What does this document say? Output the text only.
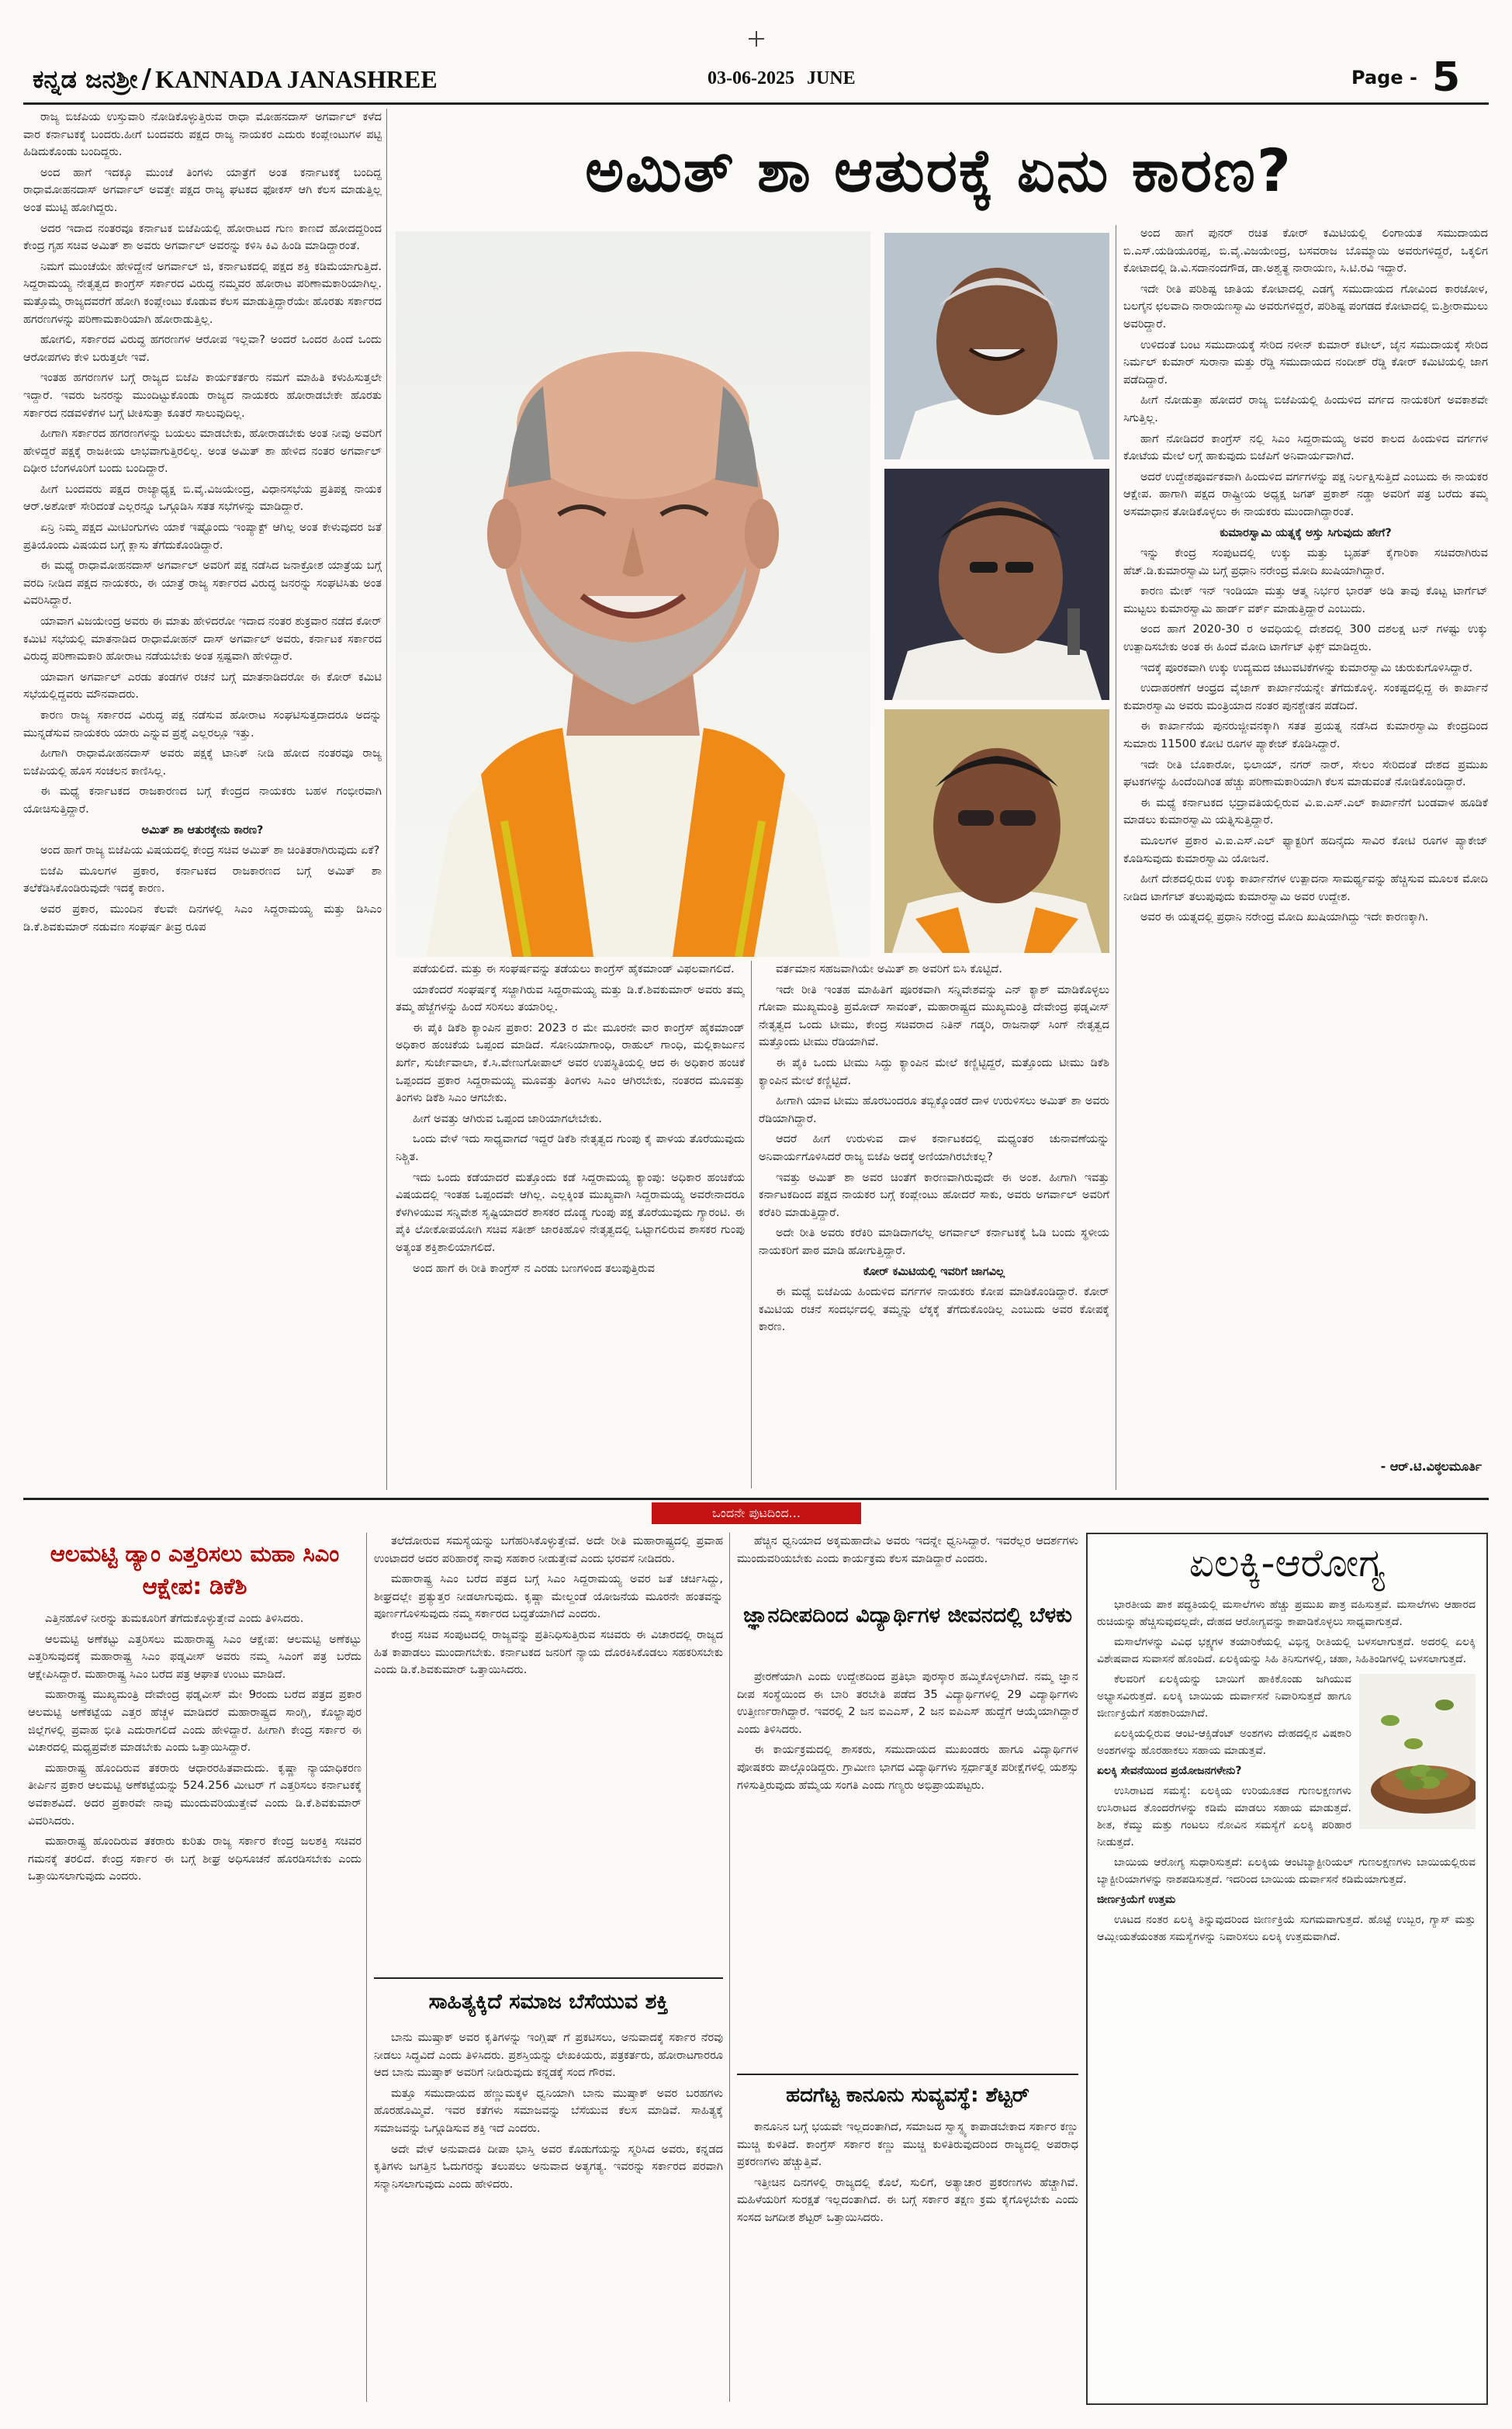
ಕನ್ನಡ ಜನಶ್ರೀ / KANNADA JANASHREE	03-06-2025 JUNE	Page - 5
ಅಮಿತ್ ಶಾ ಆತುರಕ್ಕೆ ಏನು ಕಾರಣ?

ರಾಜ್ಯ ಬಿಜೆಪಿಯ ಉಸ್ತುವಾರಿ ನೋಡಿಕೊಳ್ಳುತ್ತಿರುವ ರಾಧಾ ಮೋಹನದಾಸ್ ಅಗರ್ವಾಲ್ ಕಳೆದ ವಾರ ಕರ್ನಾಟಕಕ್ಕೆ ಬಂದರು.ಹೀಗೆ ಬಂದವರು ಪಕ್ಷದ ರಾಜ್ಯ ನಾಯಕರ ಎದುರು ಕಂಪ್ಲೇಂಟುಗಳ ಪಟ್ಟಿ ಹಿಡಿದುಕೊಂಡು ಬಂದಿದ್ದರು.

ಅಂದ ಹಾಗೆ ಇದಕ್ಕೂ ಮುಂಚೆ ತಿಂಗಳು ಯಾತ್ರೆಗೆ ಅಂತ ಕರ್ನಾಟಕಕ್ಕೆ ಬಂದಿದ್ದ ರಾಧಾಮೋಹನದಾಸ್ ಅಗರ್ವಾಲ್ ಅವತ್ತೇ ಪಕ್ಷದ ರಾಜ್ಯ ಘಟಕದ ಫೋಕಸ್ ಆಗಿ ಕೆಲಸ ಮಾಡುತ್ತಿಲ್ಲ ಅಂತ ಮುಟ್ಟಿ ಹೋಗಿದ್ದರು.

ಅದರ ಇದಾದ ನಂತರವೂ ಕರ್ನಾಟಕ ಬಿಜೆಪಿಯಲ್ಲಿ ಹೋರಾಟದ ಗುಣ ಕಾಣದೆ ಹೋದದ್ದರಿಂದ ಕೇಂದ್ರ ಗೃಹ ಸಚಿವ ಅಮಿತ್ ಶಾ ಅವರು ಅಗರ್ವಾಲ್ ಅವರನ್ನು ಕಳಿಸಿ ಕಿವಿ ಹಿಂಡಿ ಮಾಡಿದ್ದಾರಂತೆ.

ನಿಮಗೆ ಮುಂಚೆಯೇ ಹೇಳಿದ್ದೇನೆ ಅಗರ್ವಾಲ್ ಜಿ, ಕರ್ನಾಟಕದಲ್ಲಿ ಪಕ್ಷದ ಶಕ್ತಿ ಕಡಿಮೆಯಾಗುತ್ತಿದೆ. ಸಿದ್ದರಾಮಯ್ಯ ನೇತೃತ್ವದ ಕಾಂಗ್ರೆಸ್ ಸರ್ಕಾರದ ವಿರುದ್ಧ ನಮ್ಮವರ ಹೋರಾಟ ಪರಿಣಾಮಕಾರಿಯಾಗಿಲ್ಲ. ಮತ್ತೊಮ್ಮೆ ರಾಜ್ಯದವರೆಗೆ ಹೋಗಿ ಕಂಪ್ಲೇಂಟು ಕೊಡುವ ಕೆಲಸ ಮಾಡುತ್ತಿದ್ದಾರೆಯೇ ಹೊರತು ಸರ್ಕಾರದ ಹಗರಣಗಳನ್ನು ಪರಿಣಾಮಕಾರಿಯಾಗಿ ಹೋರಾಡುತ್ತಿಲ್ಲ.

ಹೋಗಲಿ, ಸರ್ಕಾರದ ವಿರುದ್ಧ ಹಗರಣಗಳ ಆರೋಪ ಇಲ್ಲವಾ? ಅಂದರೆ ಒಂದರ ಹಿಂದೆ ಒಂದು ಆರೋಪಗಳು ಕೇಳಿ ಬರುತ್ತಲೇ ಇವೆ.

ಇಂತಹ ಹಗರಣಗಳ ಬಗ್ಗೆ ರಾಜ್ಯದ ಬಿಜೆಪಿ ಕಾರ್ಯಕರ್ತರು ನಮಗೆ ಮಾಹಿತಿ ಕಳುಹಿಸುತ್ತಲೇ ಇದ್ದಾರೆ. ಇವರು ಜನರನ್ನು ಮುಂದಿಟ್ಟುಕೊಂಡು ರಾಜ್ಯದ ನಾಯಕರು ಹೋರಾಡಬೇಕೇ ಹೊರತು ಸರ್ಕಾರದ ನಡವಳಿಕೆಗಳ ಬಗ್ಗೆ ಟೀಕಿಸುತ್ತಾ ಕೂತರೆ ಸಾಲುವುದಿಲ್ಲ.

ಹೀಗಾಗಿ ಸರ್ಕಾರದ ಹಗರಣಗಳನ್ನು ಬಯಲು ಮಾಡಬೇಕು, ಹೋರಾಡಬೇಕು ಅಂತ ನೀವು ಅವರಿಗೆ ಹೇಳಿದ್ದರೆ ಪಕ್ಷಕ್ಕೆ ರಾಜಕೀಯ ಲಾಭವಾಗುತ್ತಿರಲಿಲ್ಲ. ಅಂತ ಅಮಿತ್ ಶಾ ಹೇಳಿದ ನಂತರ ಅಗರ್ವಾಲ್ ದಿಢೀರ ಬೆಂಗಳೂರಿಗೆ ಬಂದು ಬಂದಿದ್ದಾರೆ.

ಹೀಗೆ ಬಂದವರು ಪಕ್ಷದ ರಾಜ್ಯಾಧ್ಯಕ್ಷ ಬಿ.ವೈ.ವಿಜಯೇಂದ್ರ, ವಿಧಾನಸಭೆಯ ಪ್ರತಿಪಕ್ಷ ನಾಯಕ ಆರ್.ಅಶೋಕ್ ಸೇರಿದಂತೆ ಎಲ್ಲರನ್ನೂ ಒಗ್ಗೂಡಿಸಿ ಸತತ ಸಭೆಗಳನ್ನು ಮಾಡಿದ್ದಾರೆ.

ಏನ್ರಿ ನಿಮ್ಮ ಪಕ್ಷದ ಮೀಟಿಂಗುಗಳು ಯಾಕೆ ಇಷ್ಟೊಂದು ಇಂಪ್ಯಾಕ್ಟ್ ಆಗಿಲ್ಲ ಅಂತ ಕೇಳುವುದರ ಜತೆ ಪ್ರತಿಯೊಂದು ವಿಷಯದ ಬಗ್ಗೆ ಕ್ಲಾಸು ತೆಗೆದುಕೊಂಡಿದ್ದಾರೆ.

ಈ ಮಧ್ಯೆ ರಾಧಾಮೋಹನದಾಸ್ ಅಗರ್ವಾಲ್ ಅವರಿಗೆ ಪಕ್ಷ ನಡೆಸಿದ ಜನಾಕ್ರೋಶ ಯಾತ್ರೆಯ ಬಗ್ಗೆ ವರದಿ ನೀಡಿದ ಪಕ್ಷದ ನಾಯಕರು, ಈ ಯಾತ್ರೆ ರಾಜ್ಯ ಸರ್ಕಾರದ ವಿರುದ್ಧ ಜನರನ್ನು ಸಂಘಟಿಸಿತು ಅಂತ ವಿವರಿಸಿದ್ದಾರೆ.

ಯಾವಾಗ ವಿಜಯೇಂದ್ರ ಅವರು ಈ ಮಾತು ಹೇಳಿದರೋ ಇದಾದ ನಂತರ ಶುಕ್ರವಾರ ನಡೆದ ಕೋರ್ ಕಮಿಟಿ ಸಭೆಯಲ್ಲಿ ಮಾತನಾಡಿದ ರಾಧಾಮೋಹನ್ ದಾಸ್ ಅಗರ್ವಾಲ್ ಅವರು, ಕರ್ನಾಟಕ ಸರ್ಕಾರದ ವಿರುದ್ಧ ಪರಿಣಾಮಕಾರಿ ಹೋರಾಟ ನಡೆಯಬೇಕು ಅಂತ ಸ್ಪಷ್ಟವಾಗಿ ಹೇಳಿದ್ದಾರೆ.

ಯಾವಾಗ ಅಗರ್ವಾಲ್ ಎರಡು ತಂಡಗಳ ರಚನೆ ಬಗ್ಗೆ ಮಾತನಾಡಿದರೋ ಈ ಕೋರ್ ಕಮಿಟಿ ಸಭೆಯಲ್ಲಿದ್ದವರು ಮೌನವಾದರು.

ಕಾರಣ ರಾಜ್ಯ ಸರ್ಕಾರದ ವಿರುದ್ಧ ಪಕ್ಷ ನಡೆಸುವ ಹೋರಾಟ ಸಂಘಟಿಸುತ್ತದಾದರೂ ಅದನ್ನು ಮುನ್ನಡೆಸುವ ನಾಯಕರು ಯಾರು ಎನ್ನುವ ಪ್ರಶ್ನೆ ಎಲ್ಲರಲ್ಲೂ ಇತ್ತು.

ಹೀಗಾಗಿ ರಾಧಾಮೋಹನದಾಸ್ ಅವರು ಪಕ್ಷಕ್ಕೆ ಟಾನಿಕ್ ನೀಡಿ ಹೋದ ನಂತರವೂ ರಾಜ್ಯ ಬಿಜೆಪಿಯಲ್ಲಿ ಹೊಸ ಸಂಚಲನ ಕಾಣಿಸಿಲ್ಲ.

ಈ ಮಧ್ಯೆ ಕರ್ನಾಟಕದ ರಾಜಕಾರಣದ ಬಗ್ಗೆ ಕೇಂದ್ರದ ನಾಯಕರು ಬಹಳ ಗಂಭೀರವಾಗಿ ಯೋಚಿಸುತ್ತಿದ್ದಾರೆ.

ಅಮಿತ್ ಶಾ ಆತುರಕ್ಕೇನು ಕಾರಣ?

ಅಂದ ಹಾಗೆ ರಾಜ್ಯ ಬಿಜೆಪಿಯ ವಿಷಯದಲ್ಲಿ ಕೇಂದ್ರ ಸಚಿವ ಅಮಿತ್ ಶಾ ಚಿಂತಿತರಾಗಿರುವುದು ಏಕೆ?

ಬಿಜೆಪಿ ಮೂಲಗಳ ಪ್ರಕಾರ, ಕರ್ನಾಟಕದ ರಾಜಕಾರಣದ ಬಗ್ಗೆ ಅಮಿತ್ ಶಾ ತಲೆಕೆಡಿಸಿಕೊಂಡಿರುವುದೇ ಇದಕ್ಕೆ ಕಾರಣ.

ಅವರ ಪ್ರಕಾರ, ಮುಂದಿನ ಕೆಲವೇ ದಿನಗಳಲ್ಲಿ ಸಿಎಂ ಸಿದ್ದರಾಮಯ್ಯ ಮತ್ತು ಡಿಸಿಎಂ ಡಿ.ಕೆ.ಶಿವಕುಮಾರ್ ನಡುವಣ ಸಂಘರ್ಷ ತೀವ್ರ ರೂಪ

ಪಡೆಯಲಿದೆ. ಮತ್ತು ಈ ಸಂಘರ್ಷವನ್ನು ತಡೆಯಲು ಕಾಂಗ್ರೆಸ್ ಹೈಕಮಾಂಡ್ ವಿಫಲವಾಗಲಿದೆ.

ಯಾಕೆಂದರೆ ಸಂಘರ್ಷಕ್ಕೆ ಸಜ್ಜಾಗಿರುವ ಸಿದ್ದರಾಮಯ್ಯ ಮತ್ತು ಡಿ.ಕೆ.ಶಿವಕುಮಾರ್ ಅವರು ತಮ್ಮ ತಮ್ಮ ಹೆಜ್ಜೆಗಳನ್ನು ಹಿಂದೆ ಸರಿಸಲು ತಯಾರಿಲ್ಲ.

ಈ ಪೈಕಿ ಡಿಕೆಶಿ ಕ್ಯಾಂಪಿನ ಪ್ರಕಾರ: 2023 ರ ಮೇ ಮೂರನೇ ವಾರ ಕಾಂಗ್ರೆಸ್ ಹೈಕಮಾಂಡ್ ಅಧಿಕಾರ ಹಂಚಿಕೆಯ ಒಪ್ಪಂದ ಮಾಡಿದೆ. ಸೋನಿಯಾಗಾಂಧಿ, ರಾಹುಲ್ ಗಾಂಧಿ, ಮಲ್ಲಿಕಾರ್ಜುನ ಖರ್ಗೆ, ಸುರ್ಜೇವಾಲಾ, ಕೆ.ಸಿ.ವೇಣುಗೋಪಾಲ್ ಅವರ ಉಪಸ್ಥಿತಿಯಲ್ಲಿ ಆದ ಈ ಅಧಿಕಾರ ಹಂಚಿಕೆ ಒಪ್ಪಂದದ ಪ್ರಕಾರ ಸಿದ್ದರಾಮಯ್ಯ ಮೂವತ್ತು ತಿಂಗಳು ಸಿಎಂ ಆಗಿರಬೇಕು, ನಂತರದ ಮೂವತ್ತು ತಿಂಗಳು ಡಿಕೆಶಿ ಸಿಎಂ ಆಗಬೇಕು.

ಹೀಗೆ ಅವತ್ತು ಆಗಿರುವ ಒಪ್ಪಂದ ಜಾರಿಯಾಗಲೇಬೇಕು.

ಒಂದು ವೇಳೆ ಇದು ಸಾಧ್ಯವಾಗದೆ ಇದ್ದರೆ ಡಿಕೆಶಿ ನೇತೃತ್ವದ ಗುಂಪು ಕೈ ಪಾಳಯ ತೊರೆಯುವುದು ನಿಶ್ಚಿತ.

ಇದು ಒಂದು ಕಡೆಯಾದರೆ ಮತ್ತೊಂದು ಕಡೆ ಸಿದ್ದರಾಮಯ್ಯ ಕ್ಯಾಂಪು: ಅಧಿಕಾರ ಹಂಚಿಕೆಯ ವಿಷಯದಲ್ಲಿ ಇಂತಹ ಒಪ್ಪಂದವೇ ಆಗಿಲ್ಲ. ಎಲ್ಲಕ್ಕಿಂತ ಮುಖ್ಯವಾಗಿ ಸಿದ್ದರಾಮಯ್ಯ ಅವರೇನಾದರೂ ಕೆಳಗಿಳಿಯುವ ಸನ್ನಿವೇಶ ಸೃಷ್ಟಿಯಾದರೆ ಶಾಸಕರ ದೊಡ್ಡ ಗುಂಪು ಪಕ್ಷ ತೊರೆಯುವುದು ಗ್ಯಾರಂಟಿ. ಈ ಪೈಕಿ ಲೋಕೋಪಯೋಗಿ ಸಚಿವ ಸತೀಶ್ ಜಾರಕಿಹೊಳಿ ನೇತೃತ್ವದಲ್ಲಿ ಒಟ್ಟಾಗಲಿರುವ ಶಾಸಕರ ಗುಂಪು ಅತ್ಯಂತ ಶಕ್ತಿಶಾಲಿಯಾಗಲಿದೆ.

ಅಂದ ಹಾಗೆ ಈ ರೀತಿ ಕಾಂಗ್ರೆಸ್ ನ ಎರಡು ಬಣಗಳಿಂದ ತಲುಪುತ್ತಿರುವ

ವರ್ತಮಾನ ಸಹಜವಾಗಿಯೇ ಅಮಿತ್ ಶಾ ಅವರಿಗೆ ಬಿಸಿ ಕೊಟ್ಟಿದೆ.

ಇದೇ ರೀತಿ ಇಂತಹ ಮಾಹಿತಿಗೆ ಪೂರಕವಾಗಿ ಸನ್ನಿವೇಶವನ್ನು ಎನ್ ಕ್ಯಾಶ್ ಮಾಡಿಕೊಳ್ಳಲು ಗೋವಾ ಮುಖ್ಯಮಂತ್ರಿ ಪ್ರಮೋದ್ ಸಾವಂತ್, ಮಹಾರಾಷ್ಟ್ರದ ಮುಖ್ಯಮಂತ್ರಿ ದೇವೇಂದ್ರ ಫಡ್ನವೀಸ್ ನೇತೃತ್ವದ ಒಂದು ಟೀಮು, ಕೇಂದ್ರ ಸಚಿವರಾದ ನಿತಿನ್ ಗಡ್ಕರಿ, ರಾಜನಾಥ್ ಸಿಂಗ್ ನೇತೃತ್ವದ ಮತ್ತೊಂದು ಟೀಮು ರೆಡಿಯಾಗಿವೆ.

ಈ ಪೈಕಿ ಒಂದು ಟೀಮು ಸಿದ್ದು ಕ್ಯಾಂಪಿನ ಮೇಲೆ ಕಣ್ಣಿಟ್ಟಿದ್ದರೆ, ಮತ್ತೊಂದು ಟೀಮು ಡಿಕೆಶಿ ಕ್ಯಾಂಪಿನ ಮೇಲೆ ಕಣ್ಣಿಟ್ಟಿದೆ.

ಹೀಗಾಗಿ ಯಾವ ಟೀಮು ಹೊರಬಂದರೂ ತಬ್ಬಿಕ್ಕೊಂಡರೆ ದಾಳ ಉರುಳಿಸಲು ಅಮಿತ್ ಶಾ ಅವರು ರೆಡಿಯಾಗಿದ್ದಾರೆ.

ಆದರೆ ಹೀಗೆ ಉರುಳುವ ದಾಳ ಕರ್ನಾಟಕದಲ್ಲಿ ಮಧ್ಯಂತರ ಚುನಾವಣೆಯನ್ನು ಅನಿವಾರ್ಯಗೊಳಿಸಿದರೆ ರಾಜ್ಯ ಬಿಜೆಪಿ ಅದಕ್ಕೆ ಅಣಿಯಾಗಿರಬೇಕಲ್ಲ?

ಇವತ್ತು ಅಮಿತ್ ಶಾ ಅವರ ಚಿಂತೆಗೆ ಕಾರಣವಾಗಿರುವುದೇ ಈ ಅಂಶ. ಹೀಗಾಗಿ ಇವತ್ತು ಕರ್ನಾಟಕದಿಂದ ಪಕ್ಷದ ನಾಯಕರ ಬಗ್ಗೆ ಕಂಪ್ಲೇಂಟು ಹೋದರೆ ಸಾಕು, ಅವರು ಅಗರ್ವಾಲ್ ಅವರಿಗೆ ಕರೆಕಿರಿ ಮಾಡುತ್ತಿದ್ದಾರೆ.

ಅದೇ ರೀತಿ ಅವರು ಕರೆಕಿರಿ ಮಾಡಿದಾಗಲೆಲ್ಲ ಅಗರ್ವಾಲ್ ಕರ್ನಾಟಕಕ್ಕೆ ಓಡಿ ಬಂದು ಸ್ಥಳೀಯ ನಾಯಕರಿಗೆ ಪಾಠ ಮಾಡಿ ಹೋಗುತ್ತಿದ್ದಾರೆ.

ಕೋರ್ ಕಮಿಟಿಯಲ್ಲಿ ಇವರಿಗೆ ಜಾಗವಿಲ್ಲ

ಈ ಮಧ್ಯೆ ಬಿಜೆಪಿಯ ಹಿಂದುಳಿದ ವರ್ಗಗಳ ನಾಯಕರು ಕೋಪ ಮಾಡಿಕೊಂಡಿದ್ದಾರೆ. ಕೋರ್ ಕಮಿಟಿಯ ರಚನೆ ಸಂದರ್ಭದಲ್ಲಿ ತಮ್ಮನ್ನು ಲೆಕ್ಕಕ್ಕೆ ತೆಗೆದುಕೊಂಡಿಲ್ಲ ಎಂಬುದು ಅವರ ಕೋಪಕ್ಕೆ ಕಾರಣ.

ಅಂದ ಹಾಗೆ ಪುನರ್ ರಚಿತ ಕೋರ್ ಕಮಿಟಿಯಲ್ಲಿ ಲಿಂಗಾಯತ ಸಮುದಾಯದ ಬಿ.ಎಸ್.ಯಡಿಯೂರಪ್ಪ, ಬಿ.ವೈ.ವಿಜಯೇಂದ್ರ, ಬಸವರಾಜ ಬೊಮ್ಮಾಯಿ ಅವರುಗಳಿದ್ದರೆ, ಒಕ್ಕಲಿಗ ಕೋಟಾದಲ್ಲಿ ಡಿ.ವಿ.ಸದಾನಂದಗೌಡ, ಡಾ.ಅಶ್ವತ್ಥ ನಾರಾಯಣ, ಸಿ.ಟಿ.ರವಿ ಇದ್ದಾರೆ.

ಇದೇ ರೀತಿ ಪರಿಶಿಷ್ಟ ಜಾತಿಯ ಕೋಟಾದಲ್ಲಿ ಎಡಗೈ ಸಮುದಾಯದ ಗೋವಿಂದ ಕಾರಜೋಳ, ಬಲಗೈನ ಛಲವಾದಿ ನಾರಾಯಣಸ್ವಾಮಿ ಅವರುಗಳಿದ್ದರೆ, ಪರಿಶಿಷ್ಟ ಪಂಗಡದ ಕೋಟಾದಲ್ಲಿ ಬಿ.ಶ್ರೀರಾಮುಲು ಅವರಿದ್ದಾರೆ.

ಉಳಿದಂತೆ ಬಂಟ ಸಮುದಾಯಕ್ಕೆ ಸೇರಿದ ನಳೀನ್ ಕುಮಾರ್ ಕಟೀಲ್, ಜೈನ ಸಮುದಾಯಕ್ಕೆ ಸೇರಿದ ನಿರ್ಮಲ್ ಕುಮಾರ್ ಸುರಾನಾ ಮತ್ತು ರೆಡ್ಡಿ ಸಮುದಾಯದ ನಂದೀಶ್ ರೆಡ್ಡಿ ಕೋರ್ ಕಮಿಟಿಯಲ್ಲಿ ಜಾಗ ಪಡೆದಿದ್ದಾರೆ.

ಹೀಗೆ ನೋಡುತ್ತಾ ಹೋದರೆ ರಾಜ್ಯ ಬಿಜೆಪಿಯಲ್ಲಿ ಹಿಂದುಳಿದ ವರ್ಗದ ನಾಯಕರಿಗೆ ಅವಕಾಶವೇ ಸಿಗುತ್ತಿಲ್ಲ.

ಹಾಗೆ ನೋಡಿದರೆ ಕಾಂಗ್ರೆಸ್ ನಲ್ಲಿ ಸಿಎಂ ಸಿದ್ದರಾಮಯ್ಯ ಅವರ ಕಾಲದ ಹಿಂದುಳಿದ ವರ್ಗಗಳ ಕೋಟೆಯ ಮೇಲೆ ಲಗ್ಗೆ ಹಾಕುವುದು ಬಿಜೆಪಿಗೆ ಅನಿವಾರ್ಯವಾಗಿದೆ.

ಅದರೆ ಉದ್ದೇಶಪೂರ್ವಕವಾಗಿ ಹಿಂದುಳಿದ ವರ್ಗಗಳನ್ನು ಪಕ್ಷ ನಿರ್ಲಕ್ಷಿಸುತ್ತಿದೆ ಎಂಬುದು ಈ ನಾಯಕರ ಆಕ್ಷೇಪ. ಹಾಗಾಗಿ ಪಕ್ಷದ ರಾಷ್ಟ್ರೀಯ ಅಧ್ಯಕ್ಷ ಜಗತ್ ಪ್ರಕಾಶ್ ನಡ್ಡಾ ಅವರಿಗೆ ಪತ್ರ ಬರೆದು ತಮ್ಮ ಅಸಮಾಧಾನ ತೋಡಿಕೊಳ್ಳಲು ಈ ನಾಯಕರು ಮುಂದಾಗಿದ್ದಾರಂತೆ.

ಕುಮಾರಸ್ವಾಮಿ ಯತ್ನಕ್ಕೆ ಅಸ್ತು ಸಿಗುವುದು ಹೇಗೆ?

ಇನ್ನು ಕೇಂದ್ರ ಸಂಪುಟದಲ್ಲಿ ಉಕ್ಕು ಮತ್ತು ಬೃಹತ್ ಕೈಗಾರಿಕಾ ಸಚಿವರಾಗಿರುವ ಹೆಚ್.ಡಿ.ಕುಮಾರಸ್ವಾಮಿ ಬಗ್ಗೆ ಪ್ರಧಾನಿ ನರೇಂದ್ರ ಮೋದಿ ಖುಷಿಯಾಗಿದ್ದಾರೆ.

ಕಾರಣ ಮೇಕ್ ಇನ್ ಇಂಡಿಯಾ ಮತ್ತು ಆತ್ಮ ನಿರ್ಭರ ಭಾರತ್ ಅಡಿ ತಾವು ಕೊಟ್ಟ ಟಾರ್ಗೆಟ್ ಮುಟ್ಟಲು ಕುಮಾರಸ್ವಾಮಿ ಹಾರ್ಡ್ ವರ್ಕ್ ಮಾಡುತ್ತಿದ್ದಾರೆ ಎಂಬುದು.

ಅಂದ ಹಾಗೆ 2020-30 ರ ಅವಧಿಯಲ್ಲಿ ದೇಶದಲ್ಲಿ 300 ದಶಲಕ್ಷ ಟನ್ ಗಳಷ್ಟು ಉಕ್ಕು ಉತ್ಪಾದಿಸಬೇಕು ಅಂತ ಈ ಹಿಂದೆ ಮೋದಿ ಟಾರ್ಗೆಟ್ ಫಿಕ್ಸ್ ಮಾಡಿದ್ದರು.

ಇದಕ್ಕೆ ಪೂರಕವಾಗಿ ಉಕ್ಕು ಉದ್ಯಮದ ಚಟುವಟಿಕೆಗಳನ್ನು ಕುಮಾರಸ್ವಾಮಿ ಚುರುಕುಗೊಳಿಸಿದ್ದಾರೆ.

ಉದಾಹರಣೆಗೆ ಆಂಧ್ರದ ವೈಜಾಗ್ ಕಾರ್ಖಾನೆಯನ್ನೇ ತೆಗೆದುಕೊಳ್ಳಿ. ಸಂಕಷ್ಟದಲ್ಲಿದ್ದ ಈ ಕಾರ್ಖಾನೆ ಕುಮಾರಸ್ವಾಮಿ ಅವರು ಮಂತ್ರಿಯಾದ ನಂತರ ಪುನಶ್ಚೇತನ ಪಡೆದಿದೆ.

ಈ ಕಾರ್ಖಾನೆಯ ಪುನರುಜ್ಜೀವನಕ್ಕಾಗಿ ಸತತ ಪ್ರಯತ್ನ ನಡೆಸಿದ ಕುಮಾರಸ್ವಾಮಿ ಕೇಂದ್ರದಿಂದ ಸುಮಾರು 11500 ಕೋಟಿ ರೂಗಳ ಪ್ಯಾಕೇಜ್ ಕೊಡಿಸಿದ್ದಾರೆ.

ಇದೇ ರೀತಿ ಬೊಕಾರೋ, ಭಿಲಾಯ್, ನಗರ್ ನಾರ್, ಸೇಲಂ ಸೇರಿದಂತೆ ದೇಶದ ಪ್ರಮುಖ ಘಟಕಗಳನ್ನು ಹಿಂದೆಂದಿಗಿಂತ ಹೆಚ್ಚು ಪರಿಣಾಮಕಾರಿಯಾಗಿ ಕೆಲಸ ಮಾಡುವಂತೆ ನೋಡಿಕೊಂಡಿದ್ದಾರೆ.

ಈ ಮಧ್ಯೆ ಕರ್ನಾಟಕದ ಭದ್ರಾವತಿಯಲ್ಲಿರುವ ವಿ.ಐ.ಎಸ್.ಎಲ್ ಕಾರ್ಖಾನೆಗೆ ಬಂಡವಾಳ ಹೂಡಿಕೆ ಮಾಡಲು ಕುಮಾರಸ್ವಾಮಿ ಯತ್ನಿಸುತ್ತಿದ್ದಾರೆ.

ಮೂಲಗಳ ಪ್ರಕಾರ ವಿ.ಐ.ಎಸ್.ಎಲ್ ಫ್ಯಾಕ್ಟರಿಗೆ ಹದಿನೈದು ಸಾವಿರ ಕೋಟಿ ರೂಗಳ ಪ್ಯಾಕೇಜ್ ಕೊಡಿಸುವುದು ಕುಮಾರಸ್ವಾಮಿ ಯೋಜನೆ.

ಹೀಗೆ ದೇಶದಲ್ಲಿರುವ ಉಕ್ಕು ಕಾರ್ಖಾನೆಗಳ ಉತ್ಪಾದನಾ ಸಾಮರ್ಥ್ಯವನ್ನು ಹೆಚ್ಚಿಸುವ ಮೂಲಕ ಮೋದಿ ನೀಡಿದ ಟಾರ್ಗೆಟ್ ತಲುಪುವುದು ಕುಮಾರಸ್ವಾಮಿ ಅವರ ಉದ್ದೇಶ.

ಅವರ ಈ ಯತ್ನದಲ್ಲಿ ಪ್ರಧಾನಿ ನರೇಂದ್ರ ಮೋದಿ ಖುಷಿಯಾಗಿದ್ದು ಇದೇ ಕಾರಣಕ್ಕಾಗಿ.

- ಆರ್.ಟಿ.ವಿಠ್ಠಲಮೂರ್ತಿ
ಒಂದನೇ ಪುಟದಿಂದ...
ಆಲಮಟ್ಟಿ ಡ್ಯಾಂ ಎತ್ತರಿಸಲು ಮಹಾ ಸಿಎಂ ಆಕ್ಷೇಪ: ಡಿಕೆಶಿ

ಎತ್ತಿನಹೊಳೆ ನೀರನ್ನು ತುಮಕೂರಿಗೆ ತೆಗೆದುಕೊಳ್ಳುತ್ತೇವೆ ಎಂದು ತಿಳಿಸಿದರು.

ಆಲಮಟ್ಟಿ ಅಣೆಕಟ್ಟು ಎತ್ತರಿಸಲು ಮಹಾರಾಷ್ಟ್ರ ಸಿಎಂ ಆಕ್ಷೇಪ: ಆಲಮಟ್ಟಿ ಅಣೆಕಟ್ಟು ಎತ್ತರಿಸುವುದಕ್ಕೆ ಮಹಾರಾಷ್ಟ್ರ ಸಿಎಂ ಫಡ್ನವೀಸ್ ಅವರು ನಮ್ಮ ಸಿಎಂಗೆ ಪತ್ರ ಬರೆದು ಆಕ್ಷೇಪಿಸಿದ್ದಾರೆ. ಮಹಾರಾಷ್ಟ್ರ ಸಿಎಂ ಬರೆದ ಪತ್ರ ಆಘಾತ ಉಂಟು ಮಾಡಿದೆ.

ಮಹಾರಾಷ್ಟ್ರ ಮುಖ್ಯಮಂತ್ರಿ ದೇವೇಂದ್ರ ಫಡ್ನವೀಸ್ ಮೇ 9ರಂದು ಬರೆದ ಪತ್ರದ ಪ್ರಕಾರ ಆಲಮಟ್ಟಿ ಅಣೆಕಟ್ಟೆಯ ಎತ್ತರ ಹೆಚ್ಚಳ ಮಾಡಿದರೆ ಮಹಾರಾಷ್ಟ್ರದ ಸಾಂಗ್ಲಿ, ಕೊಲ್ಹಾಪುರ ಜಿಲ್ಲೆಗಳಲ್ಲಿ ಪ್ರವಾಹ ಭೀತಿ ಎದುರಾಗಲಿದೆ ಎಂದು ಹೇಳಿದ್ದಾರೆ. ಹೀಗಾಗಿ ಕೇಂದ್ರ ಸರ್ಕಾರ ಈ ವಿಚಾರದಲ್ಲಿ ಮಧ್ಯಪ್ರವೇಶ ಮಾಡಬೇಕು ಎಂದು ಒತ್ತಾಯಿಸಿದ್ದಾರೆ.

ಮಹಾರಾಷ್ಟ್ರ ಹೊಂದಿರುವ ತಕರಾರು ಆಧಾರರಹಿತವಾದುದು. ಕೃಷ್ಣಾ ನ್ಯಾಯಾಧಿಕರಣ ತೀರ್ಪಿನ ಪ್ರಕಾರ ಆಲಮಟ್ಟಿ ಅಣೆಕಟ್ಟೆಯನ್ನು 524.256 ಮೀಟರ್ ಗೆ ಎತ್ತರಿಸಲು ಕರ್ನಾಟಕಕ್ಕೆ ಅವಕಾಶವಿದೆ. ಅದರ ಪ್ರಕಾರವೇ ನಾವು ಮುಂದುವರಿಯುತ್ತೇವೆ ಎಂದು ಡಿ.ಕೆ.ಶಿವಕುಮಾರ್ ವಿವರಿಸಿದರು.

ಮಹಾರಾಷ್ಟ್ರ ಹೊಂದಿರುವ ತಕರಾರು ಕುರಿತು ರಾಜ್ಯ ಸರ್ಕಾರ ಕೇಂದ್ರ ಜಲಶಕ್ತಿ ಸಚಿವರ ಗಮನಕ್ಕೆ ತರಲಿದೆ. ಕೇಂದ್ರ ಸರ್ಕಾರ ಈ ಬಗ್ಗೆ ಶೀಘ್ರ ಅಧಿಸೂಚನೆ ಹೊರಡಿಸಬೇಕು ಎಂದು ಒತ್ತಾಯಿಸಲಾಗುವುದು ಎಂದರು.

ತಲೆದೋರುವ ಸಮಸ್ಯೆಯನ್ನು ಬಗೆಹರಿಸಿಕೊಳ್ಳುತ್ತೇವೆ. ಅದೇ ರೀತಿ ಮಹಾರಾಷ್ಟ್ರದಲ್ಲಿ ಪ್ರವಾಹ ಉಂಟಾದರೆ ಅದರ ಪರಿಹಾರಕ್ಕೆ ನಾವು ಸಹಕಾರ ನೀಡುತ್ತೇವೆ ಎಂದು ಭರವಸೆ ನೀಡಿದರು.

ಮಹಾರಾಷ್ಟ್ರ ಸಿಎಂ ಬರೆದ ಪತ್ರದ ಬಗ್ಗೆ ಸಿಎಂ ಸಿದ್ದರಾಮಯ್ಯ ಅವರ ಜತೆ ಚರ್ಚಿಸಿದ್ದು, ಶೀಘ್ರದಲ್ಲೇ ಪ್ರತ್ಯುತ್ತರ ನೀಡಲಾಗುವುದು. ಕೃಷ್ಣಾ ಮೇಲ್ದಂಡೆ ಯೋಜನೆಯ ಮೂರನೇ ಹಂತವನ್ನು ಪೂರ್ಣಗೊಳಿಸುವುದು ನಮ್ಮ ಸರ್ಕಾರದ ಬದ್ಧತೆಯಾಗಿದೆ ಎಂದರು.

ಕೇಂದ್ರ ಸಚಿವ ಸಂಪುಟದಲ್ಲಿ ರಾಜ್ಯವನ್ನು ಪ್ರತಿನಿಧಿಸುತ್ತಿರುವ ಸಚಿವರು ಈ ವಿಚಾರದಲ್ಲಿ ರಾಜ್ಯದ ಹಿತ ಕಾಪಾಡಲು ಮುಂದಾಗಬೇಕು. ಕರ್ನಾಟಕದ ಜನರಿಗೆ ನ್ಯಾಯ ದೊರಕಿಸಿಕೊಡಲು ಸಹಕರಿಸಬೇಕು ಎಂದು ಡಿ.ಕೆ.ಶಿವಕುಮಾರ್ ಒತ್ತಾಯಿಸಿದರು.

ಸಾಹಿತ್ಯಕ್ಕಿದೆ ಸಮಾಜ ಬೆಸೆಯುವ ಶಕ್ತಿ

ಬಾನು ಮುಷ್ತಾಕ್ ಅವರ ಕೃತಿಗಳನ್ನು ಇಂಗ್ಲಿಷ್ ಗೆ ಪ್ರಕಟಿಸಲು, ಅನುವಾದಕ್ಕೆ ಸರ್ಕಾರ ನೆರವು ನೀಡಲು ಸಿದ್ಧವಿದೆ ಎಂದು ತಿಳಿಸಿದರು. ಪ್ರಶಸ್ತಿಯನ್ನು ಲೇಖಕಿಯರು, ಪತ್ರಕರ್ತರು, ಹೋರಾಟಗಾರರೂ ಆದ ಬಾನು ಮುಷ್ತಾಕ್ ಅವರಿಗೆ ನೀಡಿರುವುದು ಕನ್ನಡಕ್ಕೆ ಸಂದ ಗೌರವ.

ಮತ್ತೂ ಸಮುದಾಯದ ಹೆಣ್ಣುಮಕ್ಕಳ ಧ್ವನಿಯಾಗಿ ಬಾನು ಮುಷ್ತಾಕ್ ಅವರ ಬರಹಗಳು ಹೊರಹೊಮ್ಮಿವೆ. ಇವರ ಕತೆಗಳು ಸಮಾಜವನ್ನು ಬೆಸೆಯುವ ಕೆಲಸ ಮಾಡಿವೆ. ಸಾಹಿತ್ಯಕ್ಕೆ ಸಮಾಜವನ್ನು ಒಗ್ಗೂಡಿಸುವ ಶಕ್ತಿ ಇದೆ ಎಂದರು.

ಅದೇ ವೇಳೆ ಅನುವಾದಕಿ ದೀಪಾ ಭಾಸ್ತಿ ಅವರ ಕೊಡುಗೆಯನ್ನು ಸ್ಮರಿಸಿದ ಅವರು, ಕನ್ನಡದ ಕೃತಿಗಳು ಜಗತ್ತಿನ ಓದುಗರನ್ನು ತಲುಪಲು ಅನುವಾದ ಅತ್ಯಗತ್ಯ. ಇವರನ್ನು ಸರ್ಕಾರದ ಪರವಾಗಿ ಸನ್ಮಾನಿಸಲಾಗುವುದು ಎಂದು ಹೇಳಿದರು.

ಹೆಚ್ಚಿನ ಧ್ವನಿಯಾದ ಅಕ್ಕಮಹಾದೇವಿ ಅವರು ಇದನ್ನೇ ಧ್ವನಿಸಿದ್ದಾರೆ. ಇವರೆಲ್ಲರ ಆದರ್ಶಗಳು ಮುಂದುವರಿಯಬೇಕು ಎಂದು ಕಾರ್ಯಕ್ರಮ ಕೆಲಸ ಮಾಡಿದ್ದಾರೆ ಎಂದರು.

ಜ್ಞಾನದೀಪದಿಂದ ವಿದ್ಯಾರ್ಥಿಗಳ ಜೀವನದಲ್ಲಿ ಬೆಳಕು

ಪ್ರೇರಣೆಯಾಗಿ ಎಂದು ಉದ್ದೇಶದಿಂದ ಪ್ರತಿಭಾ ಪುರಸ್ಕಾರ ಹಮ್ಮಿಕೊಳ್ಳಲಾಗಿದೆ. ನಮ್ಮ ಜ್ಞಾನ ದೀಪ ಸಂಸ್ಥೆಯಿಂದ ಈ ಬಾರಿ ತರಬೇತಿ ಪಡೆದ 35 ವಿದ್ಯಾರ್ಥಿಗಳಲ್ಲಿ 29 ವಿದ್ಯಾರ್ಥಿಗಳು ಉತ್ತೀರ್ಣರಾಗಿದ್ದಾರೆ. ಇವರಲ್ಲಿ 2 ಜನ ಐಎಎಸ್, 2 ಜನ ಐಪಿಎಸ್ ಹುದ್ದೆಗೆ ಆಯ್ಕೆಯಾಗಿದ್ದಾರೆ ಎಂದು ತಿಳಿಸಿದರು.

ಈ ಕಾರ್ಯಕ್ರಮದಲ್ಲಿ ಶಾಸಕರು, ಸಮುದಾಯದ ಮುಖಂಡರು ಹಾಗೂ ವಿದ್ಯಾರ್ಥಿಗಳ ಪೋಷಕರು ಪಾಲ್ಗೊಂಡಿದ್ದರು. ಗ್ರಾಮೀಣ ಭಾಗದ ವಿದ್ಯಾರ್ಥಿಗಳು ಸ್ಪರ್ಧಾತ್ಮಕ ಪರೀಕ್ಷೆಗಳಲ್ಲಿ ಯಶಸ್ಸು ಗಳಿಸುತ್ತಿರುವುದು ಹೆಮ್ಮೆಯ ಸಂಗತಿ ಎಂದು ಗಣ್ಯರು ಅಭಿಪ್ರಾಯಪಟ್ಟರು.

ಹದಗೆಟ್ಟ ಕಾನೂನು ಸುವ್ಯವಸ್ಥೆ: ಶೆಟ್ಟರ್

ಕಾನೂನಿನ ಬಗ್ಗೆ ಭಯವೇ ಇಲ್ಲದಂತಾಗಿದೆ, ಸಮಾಜದ ಸ್ವಾಸ್ಥ್ಯ ಕಾಪಾಡಬೇಕಾದ ಸರ್ಕಾರ ಕಣ್ಣು ಮುಚ್ಚಿ ಕುಳಿತಿದೆ. ಕಾಂಗ್ರೆಸ್ ಸರ್ಕಾರ ಕಣ್ಣು ಮುಚ್ಚಿ ಕುಳಿತಿರುವುದರಿಂದ ರಾಜ್ಯದಲ್ಲಿ ಅಪರಾಧ ಪ್ರಕರಣಗಳು ಹೆಚ್ಚುತ್ತಿವೆ.

ಇತ್ತೀಚಿನ ದಿನಗಳಲ್ಲಿ ರಾಜ್ಯದಲ್ಲಿ ಕೊಲೆ, ಸುಲಿಗೆ, ಅತ್ಯಾಚಾರ ಪ್ರಕರಣಗಳು ಹೆಚ್ಚಾಗಿವೆ. ಮಹಿಳೆಯರಿಗೆ ಸುರಕ್ಷತೆ ಇಲ್ಲದಂತಾಗಿದೆ. ಈ ಬಗ್ಗೆ ಸರ್ಕಾರ ತಕ್ಷಣ ಕ್ರಮ ಕೈಗೊಳ್ಳಬೇಕು ಎಂದು ಸಂಸದ ಜಗದೀಶ ಶೆಟ್ಟರ್ ಒತ್ತಾಯಿಸಿದರು.

ಏಲಕ್ಕಿ-ಆರೋಗ್ಯ

ಭಾರತೀಯ ಪಾಕ ಪದ್ಧತಿಯಲ್ಲಿ ಮಸಾಲೆಗಳು ಹೆಚ್ಚು ಪ್ರಮುಖ ಪಾತ್ರ ವಹಿಸುತ್ತವೆ. ಮಸಾಲೆಗಳು ಆಹಾರದ ರುಚಿಯನ್ನು ಹೆಚ್ಚಿಸುವುದಲ್ಲದೇ, ದೇಹದ ಆರೋಗ್ಯವನ್ನು ಕಾಪಾಡಿಕೊಳ್ಳಲು ಸಾಧ್ಯವಾಗುತ್ತದೆ.

ಮಸಾಲೆಗಳನ್ನು ವಿವಿಧ ಭಕ್ಷ್ಯಗಳ ತಯಾರಿಕೆಯಲ್ಲಿ ವಿಭಿನ್ನ ರೀತಿಯಲ್ಲಿ ಬಳಸಲಾಗುತ್ತದೆ. ಅದರಲ್ಲಿ ಏಲಕ್ಕಿ ವಿಶೇಷವಾದ ಸುವಾಸನೆ ಹೊಂದಿದೆ. ಏಲಕ್ಕಿಯನ್ನು ಸಿಹಿ ತಿನಿಸುಗಳಲ್ಲಿ, ಚಹಾ, ಸಿಹಿತಿಂಡಿಗಳಲ್ಲಿ ಬಳಸಲಾಗುತ್ತದೆ.

ಕೆಲವರಿಗೆ ಏಲಕ್ಕಿಯನ್ನು ಬಾಯಿಗೆ ಹಾಕಿಕೊಂಡು ಜಗಿಯುವ ಅಭ್ಯಾಸವಿರುತ್ತದೆ. ಏಲಕ್ಕಿ ಬಾಯಿಯ ದುರ್ವಾಸನೆ ನಿವಾರಿಸುತ್ತದೆ ಹಾಗೂ ಜೀರ್ಣಕ್ರಿಯೆಗೆ ಸಹಕಾರಿಯಾಗಿದೆ.

ಏಲಕ್ಕಿಯಲ್ಲಿರುವ ಆಂಟಿ-ಆಕ್ಸಿಡೆಂಟ್ ಅಂಶಗಳು ದೇಹದಲ್ಲಿನ ವಿಷಕಾರಿ ಅಂಶಗಳನ್ನು ಹೊರಹಾಕಲು ಸಹಾಯ ಮಾಡುತ್ತವೆ.

ಏಲಕ್ಕಿ ಸೇವನೆಯಿಂದ ಪ್ರಯೋಜನಗಳೇನು?

ಉಸಿರಾಟದ ಸಮಸ್ಯೆ: ಏಲಕ್ಕಿಯ ಉರಿಯೂತದ ಗುಣಲಕ್ಷಣಗಳು ಉಸಿರಾಟದ ತೊಂದರೆಗಳನ್ನು ಕಡಿಮೆ ಮಾಡಲು ಸಹಾಯ ಮಾಡುತ್ತದೆ. ಶೀತ, ಕೆಮ್ಮು ಮತ್ತು ಗಂಟಲು ನೋವಿನ ಸಮಸ್ಯೆಗೆ ಏಲಕ್ಕಿ ಪರಿಹಾರ ನೀಡುತ್ತದೆ.

ಬಾಯಿಯ ಆರೋಗ್ಯ ಸುಧಾರಿಸುತ್ತದೆ: ಏಲಕ್ಕಿಯ ಆಂಟಿಬ್ಯಾಕ್ಟೀರಿಯಲ್ ಗುಣಲಕ್ಷಣಗಳು ಬಾಯಿಯಲ್ಲಿರುವ ಬ್ಯಾಕ್ಟೀರಿಯಾಗಳನ್ನು ನಾಶಪಡಿಸುತ್ತದೆ. ಇದರಿಂದ ಬಾಯಿಯ ದುರ್ವಾಸನೆ ಕಡಿಮೆಯಾಗುತ್ತದೆ.

ಜೀರ್ಣಕ್ರಿಯೆಗೆ ಉತ್ತಮ

ಊಟದ ನಂತರ ಏಲಕ್ಕಿ ತಿನ್ನುವುದರಿಂದ ಜೀರ್ಣಕ್ರಿಯೆ ಸುಗಮವಾಗುತ್ತದೆ. ಹೊಟ್ಟೆ ಉಬ್ಬರ, ಗ್ಯಾಸ್ ಮತ್ತು ಆಮ್ಲೀಯತೆಯಂತಹ ಸಮಸ್ಯೆಗಳನ್ನು ನಿವಾರಿಸಲು ಏಲಕ್ಕಿ ಉತ್ತಮವಾಗಿದೆ.
